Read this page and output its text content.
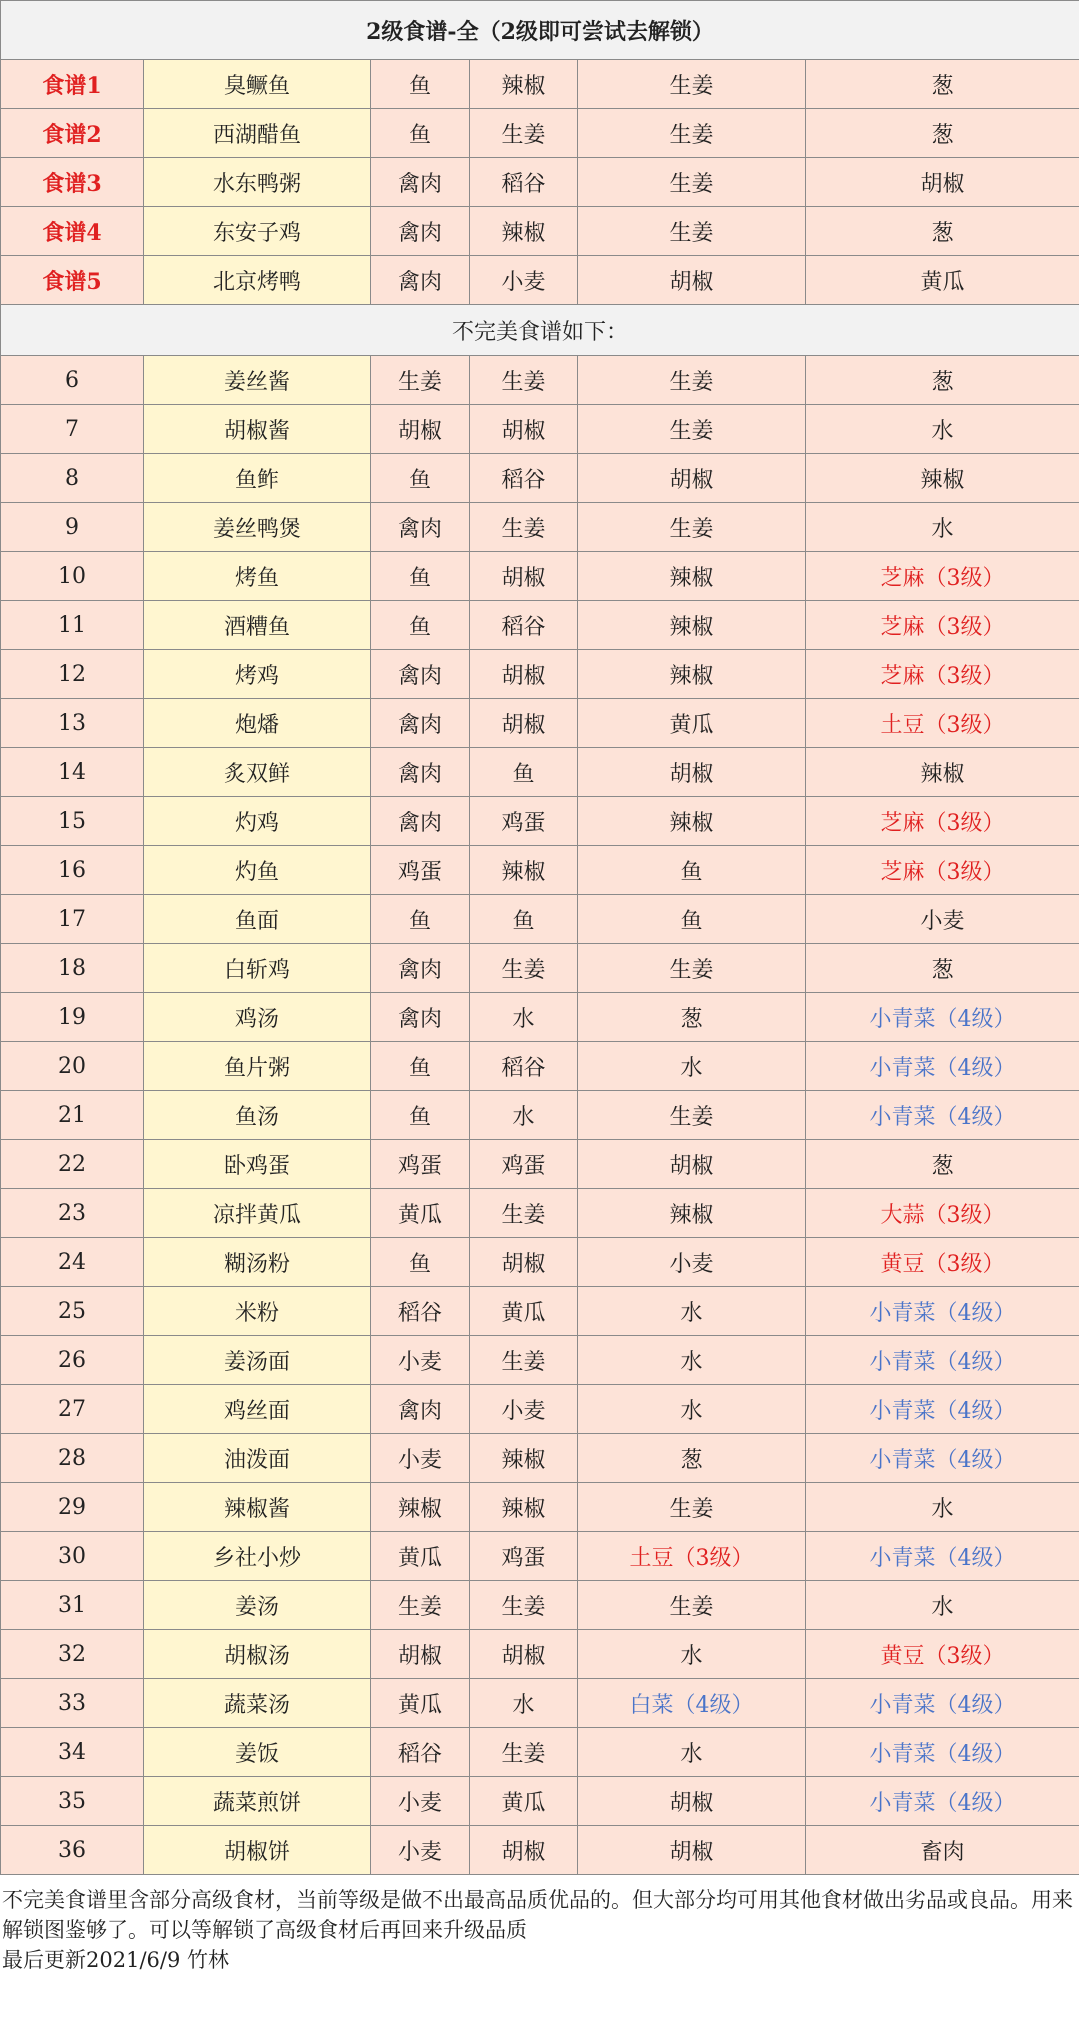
2级食谱-全（2级即可尝试去解锁）					
食谱1	臭鳜鱼	鱼	辣椒	生姜	葱
食谱2	西湖醋鱼	鱼	生姜	生姜	葱
食谱3	水东鸭粥	禽肉	稻谷	生姜	胡椒
食谱4	东安子鸡	禽肉	辣椒	生姜	葱
食谱5	北京烤鸭	禽肉	小麦	胡椒	黄瓜
不完美食谱如下：					
6	姜丝酱	生姜	生姜	生姜	葱
7	胡椒酱	胡椒	胡椒	生姜	水
8	鱼鲊	鱼	稻谷	胡椒	辣椒
9	姜丝鸭煲	禽肉	生姜	生姜	水
10	烤鱼	鱼	胡椒	辣椒	芝麻（3级）
11	酒糟鱼	鱼	稻谷	辣椒	芝麻（3级）
12	烤鸡	禽肉	胡椒	辣椒	芝麻（3级）
13	炮燔	禽肉	胡椒	黄瓜	土豆（3级）
14	炙双鲜	禽肉	鱼	胡椒	辣椒
15	灼鸡	禽肉	鸡蛋	辣椒	芝麻（3级）
16	灼鱼	鸡蛋	辣椒	鱼	芝麻（3级）
17	鱼面	鱼	鱼	鱼	小麦
18	白斩鸡	禽肉	生姜	生姜	葱
19	鸡汤	禽肉	水	葱	小青菜（4级）
20	鱼片粥	鱼	稻谷	水	小青菜（4级）
21	鱼汤	鱼	水	生姜	小青菜（4级）
22	卧鸡蛋	鸡蛋	鸡蛋	胡椒	葱
23	凉拌黄瓜	黄瓜	生姜	辣椒	大蒜（3级）
24	糊汤粉	鱼	胡椒	小麦	黄豆（3级）
25	米粉	稻谷	黄瓜	水	小青菜（4级）
26	姜汤面	小麦	生姜	水	小青菜（4级）
27	鸡丝面	禽肉	小麦	水	小青菜（4级）
28	油泼面	小麦	辣椒	葱	小青菜（4级）
29	辣椒酱	辣椒	辣椒	生姜	水
30	乡社小炒	黄瓜	鸡蛋	土豆（3级）	小青菜（4级）
31	姜汤	生姜	生姜	生姜	水
32	胡椒汤	胡椒	胡椒	水	黄豆（3级）
33	蔬菜汤	黄瓜	水	白菜（4级）	小青菜（4级）
34	姜饭	稻谷	生姜	水	小青菜（4级）
35	蔬菜煎饼	小麦	黄瓜	胡椒	小青菜（4级）
36	胡椒饼	小麦	胡椒	胡椒	畜肉
不完美食谱里含部分高级食材，当前等级是做不出最高品质优品的。但大部分均可用其他食材做出劣品或良品。用来解锁图鉴够了。可以等解锁了高级食材后再回来升级品质
最后更新2021/6/9 竹林
